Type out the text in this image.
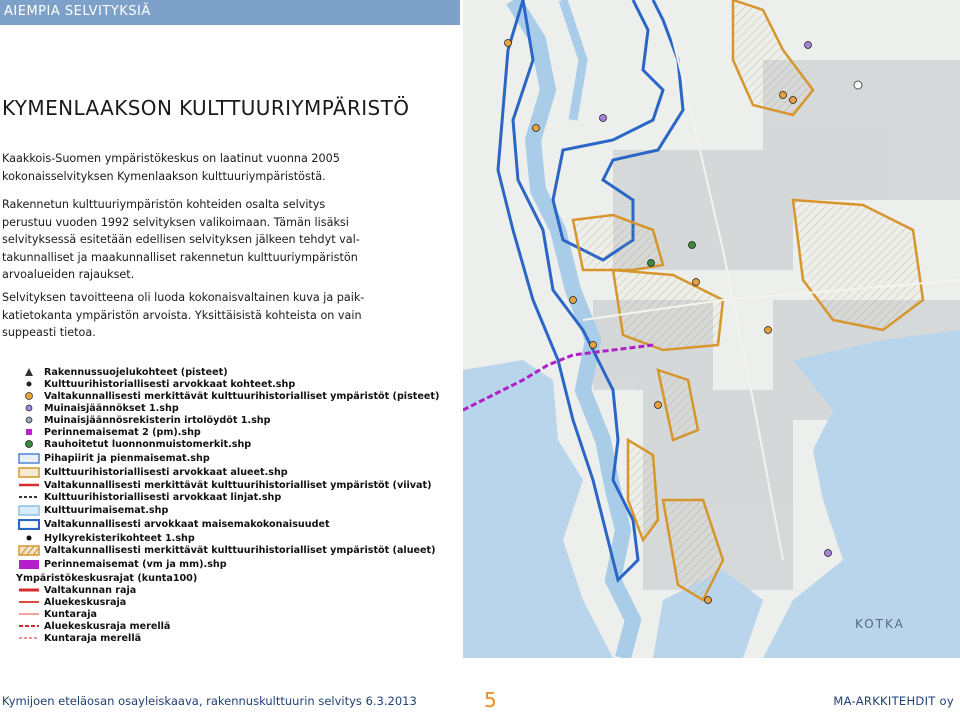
AIEMPIA SELVITYKSIÄ
KYMENLAAKSON KULTTUURIYMPÄRISTÖ
Kaakkois-Suomen ympäristökeskus on laatinut vuonna 2005
kokonaisselvityksen Kymenlaakson kulttuuriympäristöstä.
Rakennetun kulttuuriympäristön kohteiden osalta selvitys
perustuu vuoden 1992 selvityksen valikoimaan. Tämän lisäksi
selvityksessä esitetään edellisen selvityksen jälkeen tehdyt val-
takunnalliset ja maakunnalliset rakennetun kulttuuriympäristön
arvoalueiden rajaukset.
Selvityksen tavoitteena oli luoda kokonaisvaltainen kuva ja paik-
katietokanta ympäristön arvoista. Yksittäisistä kohteista on vain
suppeasti tietoa.
Rakennussuojelukohteet (pisteet)
Kulttuurihistoriallisesti arvokkaat kohteet.shp
Valtakunnallisesti merkittävät kulttuurihistorialliset ympäristöt (pisteet)
Muinaisjäännökset 1.shp
Muinaisjäännösrekisterin irtolöydöt 1.shp
Perinnemaisemat 2 (pm).shp
Rauhoitetut luonnonmuistomerkit.shp
Pihapiirit ja pienmaisemat.shp
Kulttuurihistoriallisesti arvokkaat alueet.shp
Valtakunnallisesti merkittävät kulttuurihistorialliset ympäristöt (viivat)
Kulttuurihistoriallisesti arvokkaat linjat.shp
Kulttuurimaisemat.shp
Valtakunnallisesti arvokkaat maisemakokonaisuudet
Hylkyrekisterikohteet 1.shp
Valtakunnallisesti merkittävät kulttuurihistorialliset ympäristöt (alueet)
Perinnemaisemat (vm ja mm).shp
Ympäristökeskusrajat (kunta100)
Valtakunnan raja
Aluekeskusraja
Kuntaraja
Aluekeskusraja merellä
Kuntaraja merellä
KOTKA
Kymijoen eteläosan osayleiskaava, rakennuskulttuurin selvitys 6.3.2013	5	MA-ARKKITEHDIT oy
